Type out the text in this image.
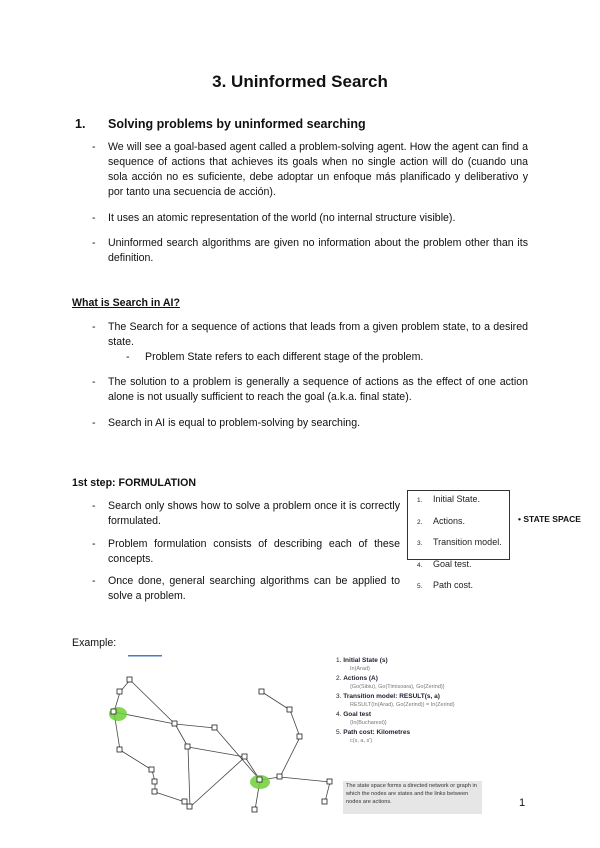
3. Uninformed Search
1. Solving problems by uninformed searching
- We will see a goal-based agent called a problem-solving agent. How the agent can find a sequence of actions that achieves its goals when no single action will do (cuando una sola acción no es suficiente, debe adoptar un enfoque más planificado y deliberativo y por tanto una secuencia de acción).
- It uses an atomic representation of the world (no internal structure visible).
- Uninformed search algorithms are given no information about the problem other than its definition.
What is Search in AI?
- The Search for a sequence of actions that leads from a given problem state, to a desired state.
- Problem State refers to each different stage of the problem.
- The solution to a problem is generally a sequence of actions as the effect of one action alone is not usually sufficient to reach the goal (a.k.a. final state).
- Search in AI is equal to problem-solving by searching.
1st step: FORMULATION
- Search only shows how to solve a problem once it is correctly formulated.
- Problem formulation consists of describing each of these concepts.
- Once done, general searching algorithms can be applied to solve a problem.
1. Initial State.
2. Actions.
3. Transition model.
4. Goal test.
5. Path cost.
• STATE SPACE
Example:
1. Initial State (s)
In(Arad)
2. Actions (A)
{Go(Sibiu), Go(Timisoara), Go(Zerind)}
3. Transition model: RESULT(s, a)
RESULT(In(Arad), Go(Zerind)) = In(Zerind)
4. Goal test
{In(Bucharest)}
5. Path cost: Kilometres
c(s, a, s')
The state space forms a directed network or graph in which the nodes are states and the links between nodes are actions.	1
